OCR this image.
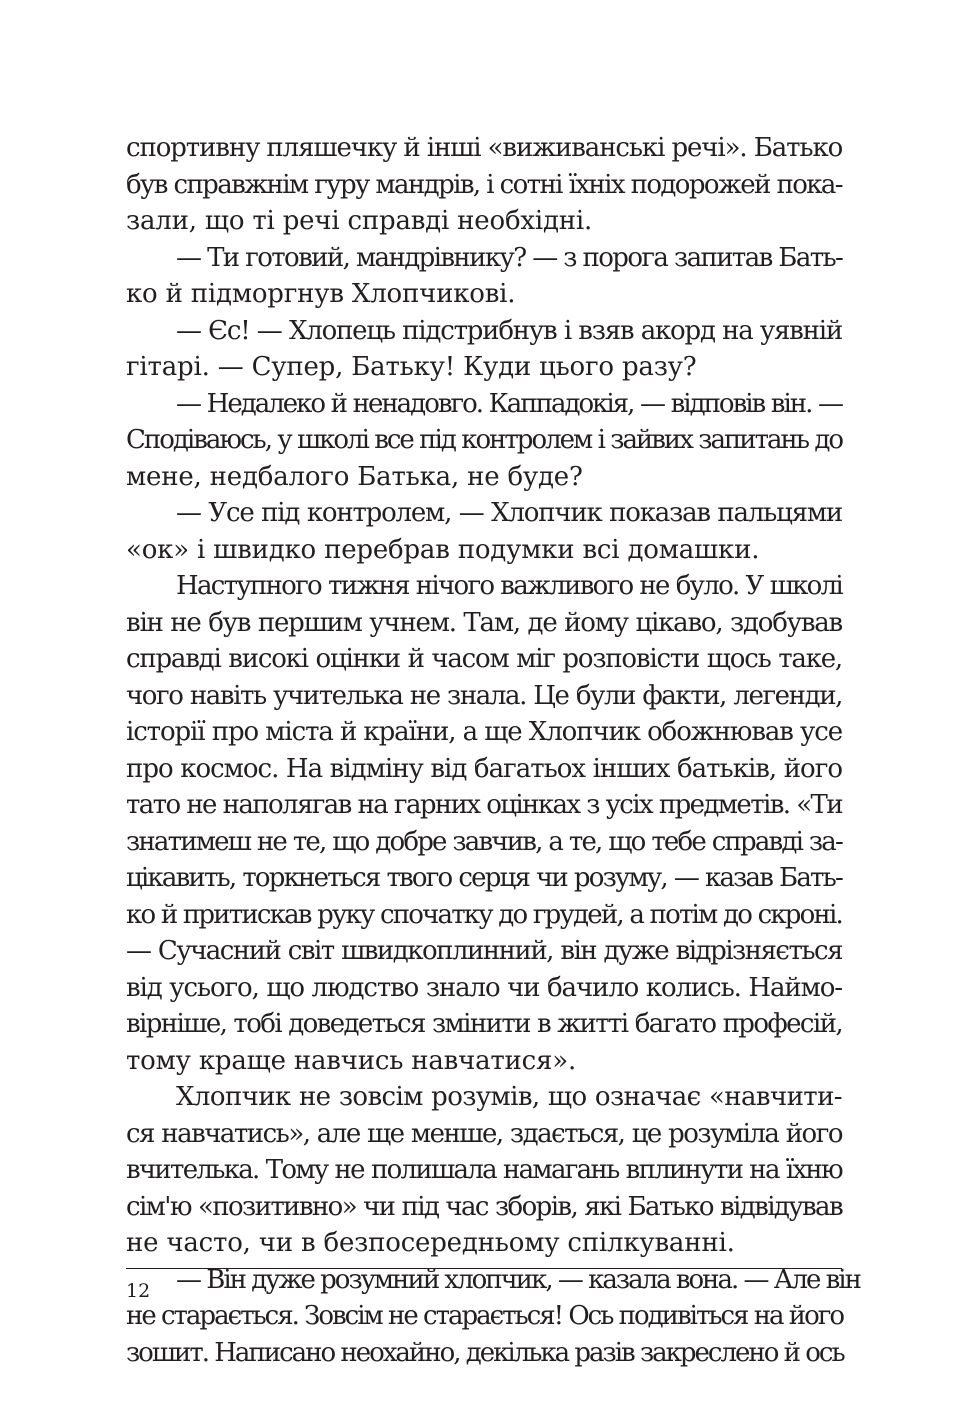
спортивну пляшечку й інші «виживанські речі». Батько
був справжнім гуру мандрів, і сотні їхніх подорожей пока-
зали, що ті речі справді необхідні.
— Ти готовий, мандрівнику? — з порога запитав Бать-
ко й підморгнув Хлопчикові.
— Єс! — Хлопець підстрибнув і взяв акорд на уявній
гітарі. — Супер, Батьку! Куди цього разу?
— Недалеко й ненадовго. Каппадокія, — відповів він. —
Сподіваюсь, у школі все під контролем і зайвих запитань до
мене, недбалого Батька, не буде?
— Усе під контролем, — Хлопчик показав пальцями
«ок» і швидко перебрав подумки всі домашки.
Наступного тижня нічого важливого не було. У школі
він не був першим учнем. Там, де йому цікаво, здобував
справді високі оцінки й часом міг розповісти щось таке,
чого навіть учителька не знала. Це були факти, легенди,
історії про міста й країни, а ще Хлопчик обожнював усе
про космос. На відміну від багатьох інших батьків, його
тато не наполягав на гарних оцінках з усіх предметів. «Ти
знатимеш не те, що добре завчив, а те, що тебе справді за-
цікавить, торкнеться твого серця чи розуму, — казав Бать-
ко й притискав руку спочатку до грудей, а потім до скроні.
— Сучасний світ швидкоплинний, він дуже відрізняється
від усього, що людство знало чи бачило колись. Наймо-
вірніше, тобі доведеться змінити в житті багато професій,
тому краще навчись навчатися».
Хлопчик не зовсім розумів, що означає «навчити-
ся навчатись», але ще менше, здається, це розуміла його
вчителька. Тому не полишала намагань вплинути на їхню
сім'ю «позитивно» чи під час зборів, які Батько відвідував
не часто, чи в безпосередньому спілкуванні.
— Він дуже розумний хлопчик, — казала вона. — Але він
не старається. Зовсім не старається! Ось подивіться на його
зошит. Написано неохайно, декілька разів закреслено й ось
12
